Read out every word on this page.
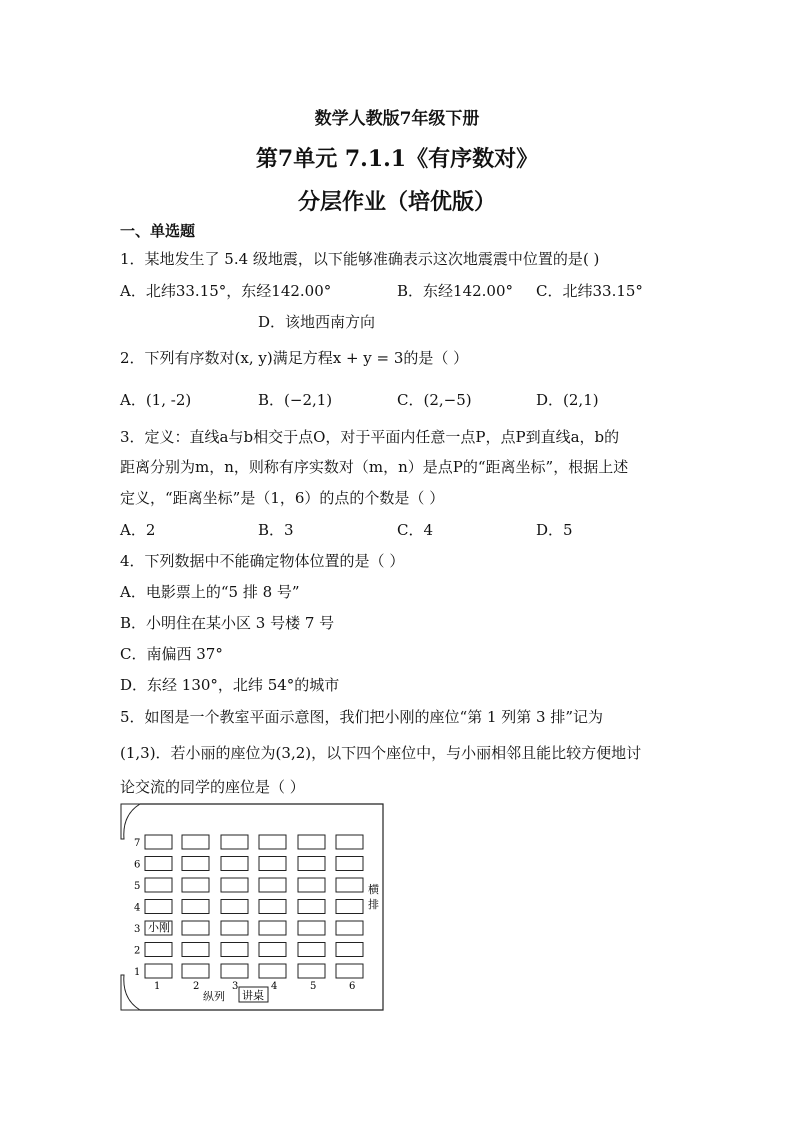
数学人教版7年级下册
第7单元 7.1.1《有序数对》
分层作业（培优版）
一、单选题
1．某地发生了 5.4 级地震，以下能够准确表示这次地震震中位置的是( )
A．北纬33.15°，东经142.00°	B．东经142.00° C．北纬33.15°
D．该地西南方向
2．下列有序数对(x, y)满足方程x + y = 3的是（ ）
A．(1, -2)	B．(−2,1)	C．(2,−5)	D．(2,1)
3．定义：直线a与b相交于点O，对于平面内任意一点P，点P到直线a，b的
距离分别为m，n，则称有序实数对（m，n）是点P的“距离坐标”，根据上述
定义，“距离坐标”是（1，6）的点的个数是（ ）
A．2	B．3	C．4	D．5
4．下列数据中不能确定物体位置的是（ ）
A．电影票上的“5 排 8 号”
B．小明住在某小区 3 号楼 7 号
C．南偏西 37°
D．东经 130°，北纬 54°的城市
5．如图是一个教室平面示意图，我们把小刚的座位“第 1 列第 3 排”记为
(1,3)．若小丽的座位为(3,2)，以下四个座位中，与小丽相邻且能比较方便地讨
论交流的同学的座位是（ ）
7
6
5
4
3
2
1
1	2	3	4	5	6
小刚
纵列 讲桌
横
排
